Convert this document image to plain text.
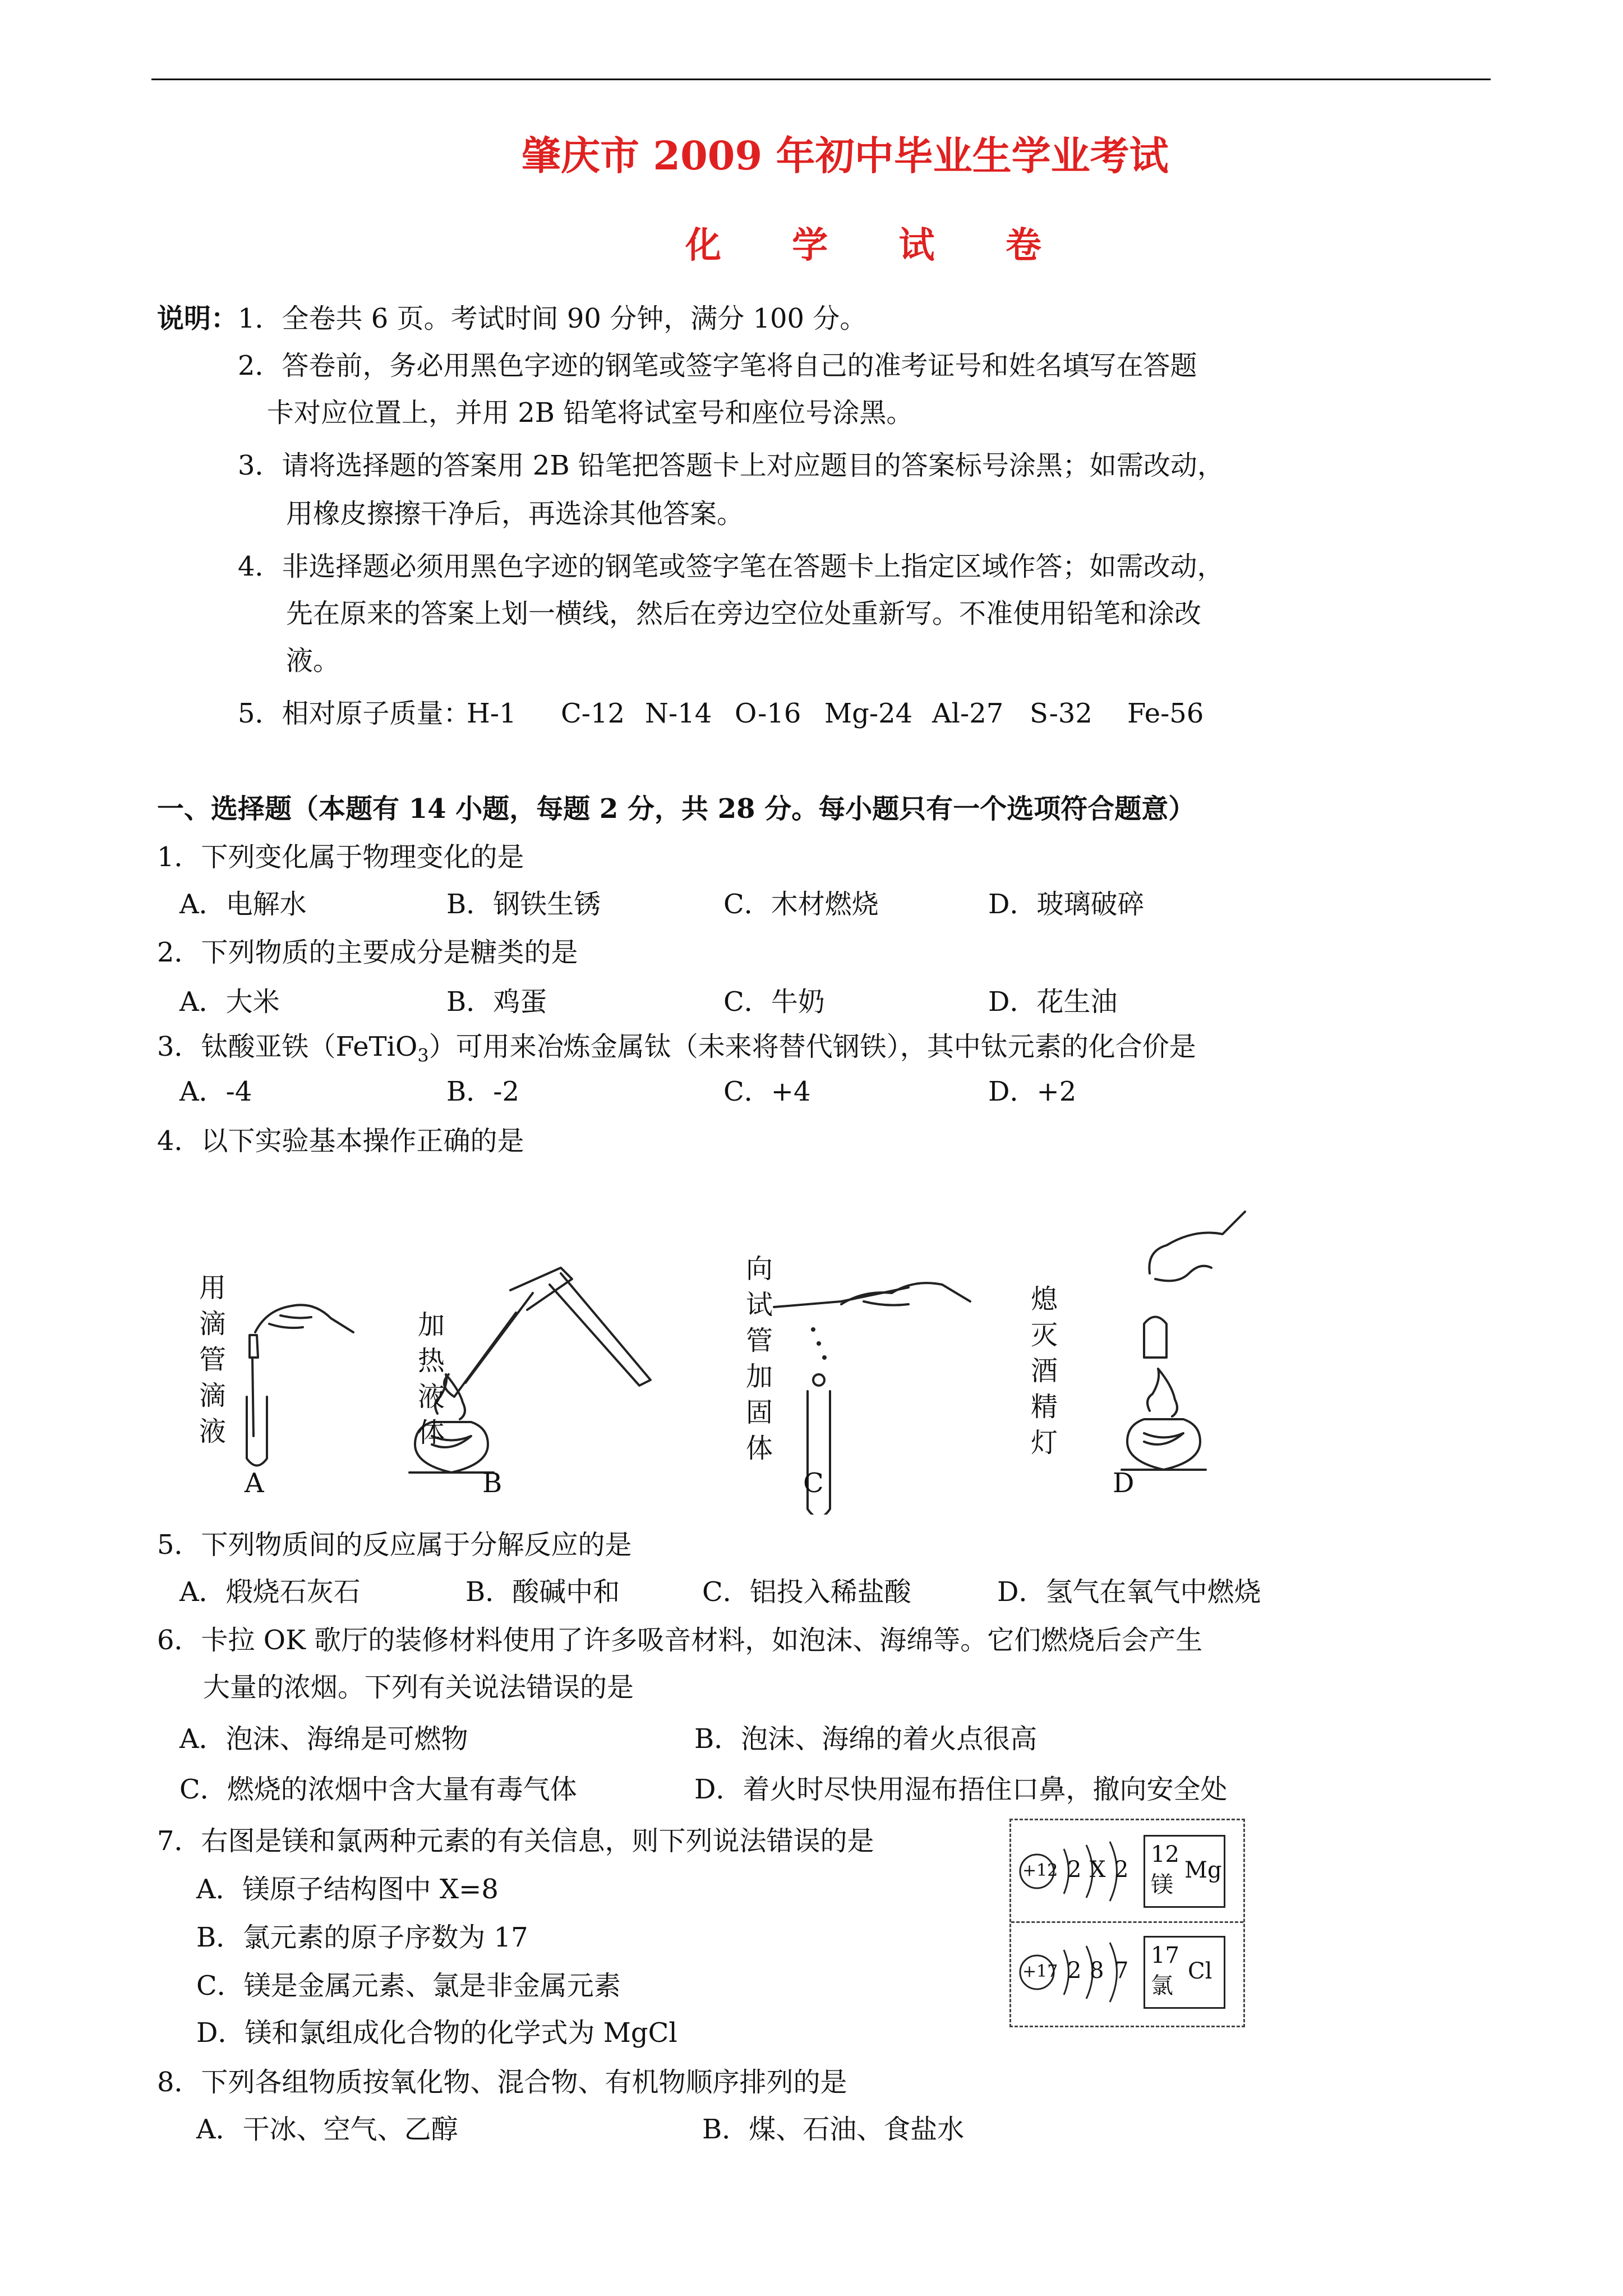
肇庆市 2009 年初中毕业生学业考试
化 学 试 卷
说明： 1．全卷共 6 页。考试时间 90 分钟，满分 100 分。
2．答卷前，务必用黑色字迹的钢笔或签字笔将自己的准考证号和姓名填写在答题
卡对应位置上，并用 2B 铅笔将试室号和座位号涂黑。
3．请将选择题的答案用 2B 铅笔把答题卡上对应题目的答案标号涂黑；如需改动，
用橡皮擦擦干净后，再选涂其他答案。
4．非选择题必须用黑色字迹的钢笔或签字笔在答题卡上指定区域作答；如需改动，
先在原来的答案上划一横线，然后在旁边空位处重新写。不准使用铅笔和涂改
液。
5．相对原子质量：
H-1 C-12 N-14 O-16 Mg-24 Al-27 S-32 Fe-56
一、选择题（本题有 14 小题，每题 2 分，共 28 分。每小题只有一个选项符合题意）
1．下列变化属于物理变化的是
A．电解水	B．钢铁生锈	C．木材燃烧	D．玻璃破碎
2．下列物质的主要成分是糖类的是
A．大米	B．鸡蛋	C．牛奶	D．花生油
3．钛酸亚铁（FeTiO$_3$）可用来冶炼金属钛（未来将替代钢铁），其中钛元素的化合价是
A．-4	B．-2	C．+4	D．+2
4．以下实验基本操作正确的是
用
滴
管
滴
液
加
热
液
体
向
试
管
加
固
体
熄
灭
酒
精
灯
A	B	C	D
5．下列物质间的反应属于分解反应的是
A．煅烧石灰石	B．酸碱中和	C．铝投入稀盐酸	D．氢气在氧气中燃烧
6．卡拉 OK 歌厅的装修材料使用了许多吸音材料，如泡沫、海绵等。它们燃烧后会产生
大量的浓烟。下列有关说法错误的是
A．泡沫、海绵是可燃物	B．泡沫、海绵的着火点很高
C．燃烧的浓烟中含大量有毒气体	D．着火时尽快用湿布捂住口鼻，撤向安全处
7．右图是镁和氯两种元素的有关信息，则下列说法错误的是
A．镁原子结构图中 X=8
B．氯元素的原子序数为 17
C．镁是金属元素、氯是非金属元素
D．镁和氯组成化合物的化学式为 MgCl
+12 2 X 2
12
镁
Mg
+17 2 8 7
17
氯
Cl
8．下列各组物质按氧化物、混合物、有机物顺序排列的是
A．干冰、空气、乙醇	B．煤、石油、食盐水
